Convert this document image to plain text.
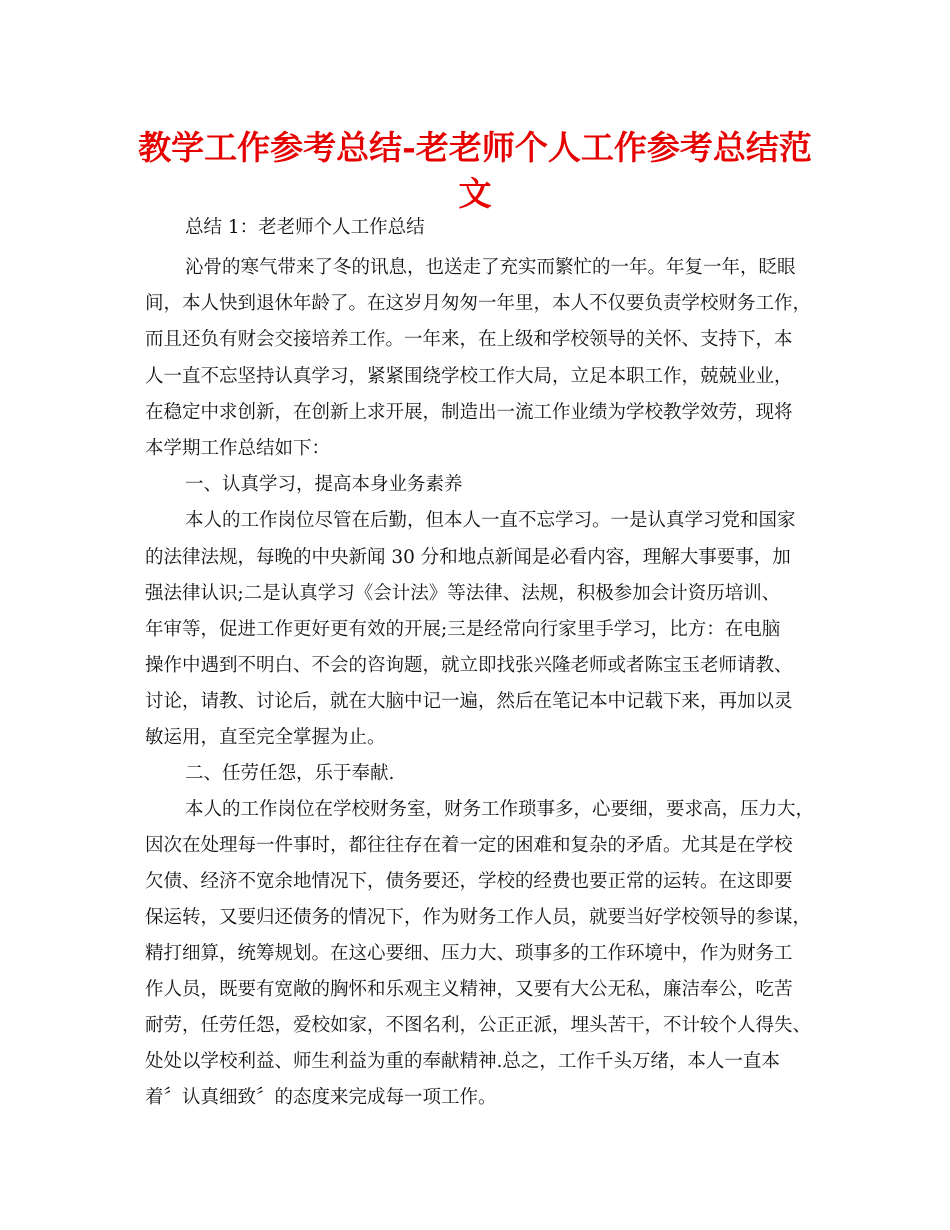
教学工作参考总结-老老师个人工作参考总结范
文
总结 1：老老师个人工作总结
沁骨的寒气带来了冬的讯息，也送走了充实而繁忙的一年。年复一年，眨眼
间，本人快到退休年龄了。在这岁月匆匆一年里，本人不仅要负责学校财务工作，
而且还负有财会交接培养工作。一年来，在上级和学校领导的关怀、支持下，本
人一直不忘坚持认真学习，紧紧围绕学校工作大局，立足本职工作，兢兢业业，
在稳定中求创新，在创新上求开展，制造出一流工作业绩为学校教学效劳，现将
本学期工作总结如下：
一、认真学习，提高本身业务素养
本人的工作岗位尽管在后勤，但本人一直不忘学习。一是认真学习党和国家
的法律法规，每晚的中央新闻 30 分和地点新闻是必看内容，理解大事要事，加
强法律认识;二是认真学习《会计法》等法律、法规，积极参加会计资历培训、
年审等，促进工作更好更有效的开展;三是经常向行家里手学习，比方：在电脑
操作中遇到不明白、不会的咨询题，就立即找张兴隆老师或者陈宝玉老师请教、
讨论，请教、讨论后，就在大脑中记一遍，然后在笔记本中记载下来，再加以灵
敏运用，直至完全掌握为止。
二、任劳任怨，乐于奉献.
本人的工作岗位在学校财务室，财务工作琐事多，心要细，要求高，压力大，
因次在处理每一件事时，都往往存在着一定的困难和复杂的矛盾。尤其是在学校
欠债、经济不宽余地情况下，债务要还，学校的经费也要正常的运转。在这即要
保运转，又要归还债务的情况下，作为财务工作人员，就要当好学校领导的参谋，
精打细算，统筹规划。在这心要细、压力大、琐事多的工作环境中，作为财务工
作人员，既要有宽敞的胸怀和乐观主义精神，又要有大公无私，廉洁奉公，吃苦
耐劳，任劳任怨，爱校如家，不图名利，公正正派，埋头苦干，不计较个人得失、
处处以学校利益、师生利益为重的奉献精神.总之，工作千头万绪，本人一直本
着〞认真细致〞的态度来完成每一项工作。
